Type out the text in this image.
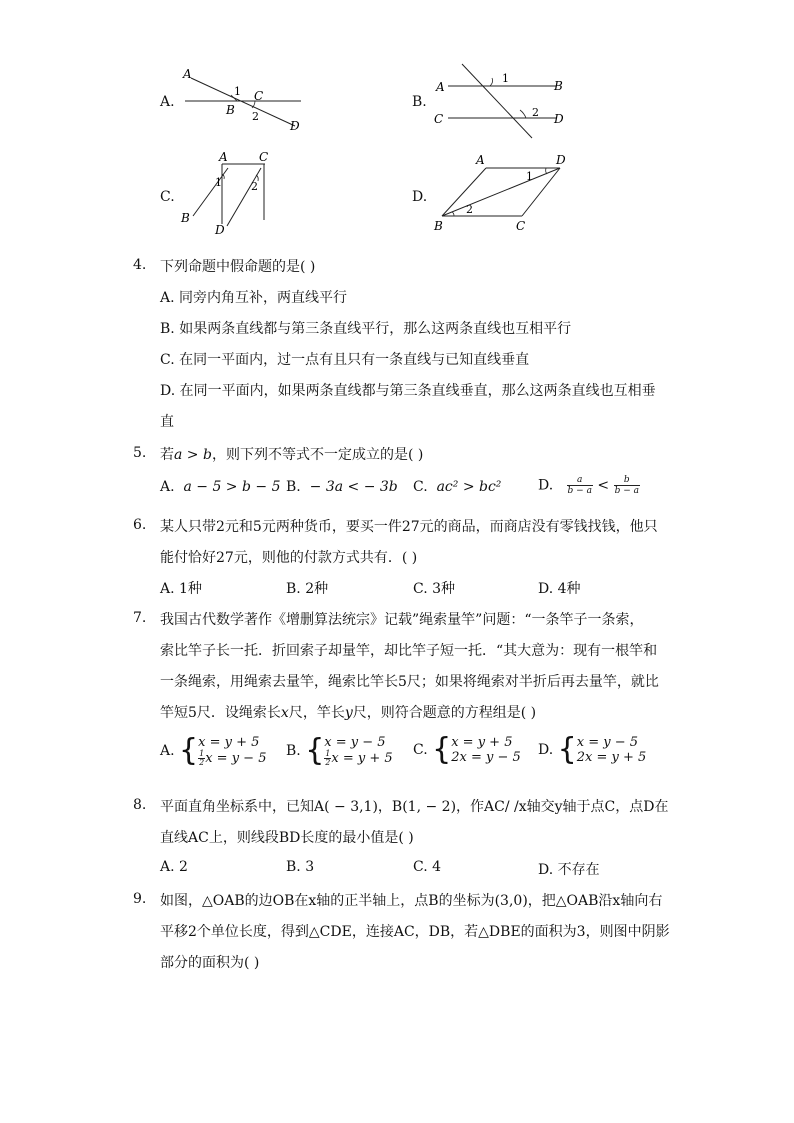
A.
A
B
C
D
1
2
B.
A	B
C	D
1
2
C.
A	C
B
D
1	2
D.
A	D
B	C
1
2
4. 下列命题中假命题的是( )
A. 同旁内角互补，两直线平行
B. 如果两条直线都与第三条直线平行，那么这两条直线也互相平行
C. 在同一平面内，过一点有且只有一条直线与已知直线垂直
D. 在同一平面内，如果两条直线都与第三条直线垂直，那么这两条直线也互相垂
直
5. 若a > b，则下列不等式不一定成立的是( )
A. a − 5 > b − 5 B. − 3a < − 3b C. ac² > bc²	D. $\frac{a}{b - a} < \frac{b}{b - a}$
6. 某人只带2元和5元两种货币，要买一件27元的商品，而商店没有零钱找钱，他只
能付恰好27元，则他的付款方式共有．( )
A. 1种	B. 2种	C. 3种	D. 4种
7. 我国古代数学著作《增删算法统宗》记载”绳索量竿”问题：“一条竿子一条索，
索比竿子长一托．折回索子却量竿，却比竿子短一托．“其大意为：现有一根竿和
一条绳索，用绳索去量竿，绳索比竿长5尺；如果将绳索对半折后再去量竿，就比
竿短5尺．设绳索长x尺，竿长y尺，则符合题意的方程组是( )
A. { x = y + 5
$\frac{1}{2}$ x = y − 5 B. { x = y − 5
$\frac{1}{2}$ x = y + 5
C. { x = y + 5
2x = y − 5 D. { x = y − 5
2x = y + 5
8. 平面直角坐标系中，已知A( − 3,1)，B(1, − 2)，作AC/ /x轴交y轴于点C，点D在
直线AC上，则线段BD长度的最小值是( )
A. 2	B. 3	C. 4	D. 不存在
9. 如图，△OAB的边OB在x轴的正半轴上，点B的坐标为(3,0)，把△OAB沿x轴向右
平移2个单位长度，得到△CDE，连接AC，DB，若△DBE的面积为3，则图中阴影
部分的面积为( )
